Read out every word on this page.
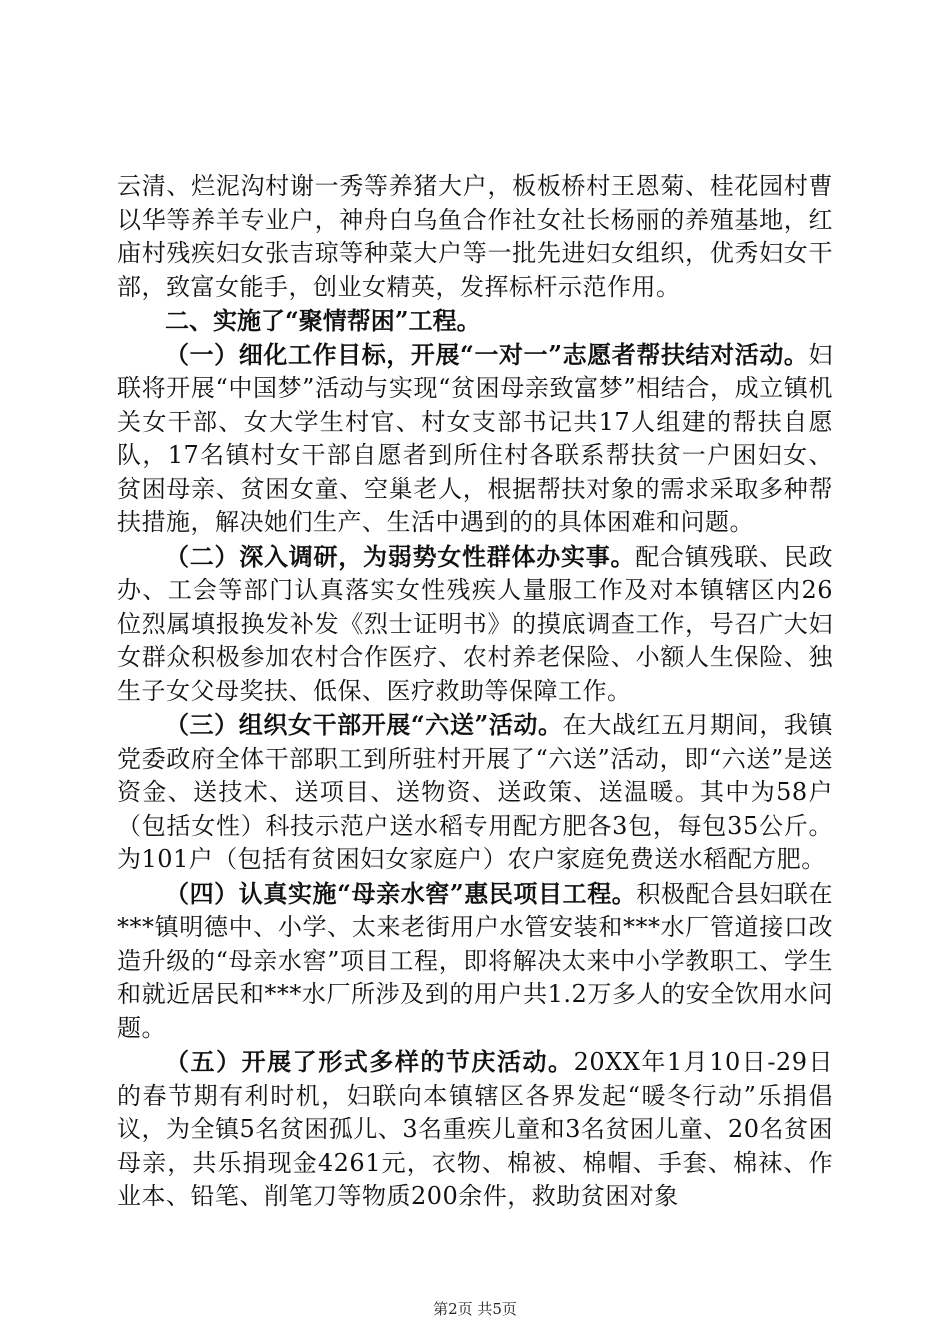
云清、烂泥沟村谢一秀等养猪大户，板板桥村王恩菊、桂花园村曹以华等养羊专业户，神舟白乌鱼合作社女社长杨丽的养殖基地，红庙村残疾妇女张吉琼等种菜大户等一批先进妇女组织，优秀妇女干部，致富女能手，创业女精英，发挥标杆示范作用。

二、实施了“聚情帮困”工程。

（一）细化工作目标，开展“一对一”志愿者帮扶结对活动。妇联将开展“中国梦”活动与实现“贫困母亲致富梦”相结合，成立镇机关女干部、女大学生村官、村女支部书记共17人组建的帮扶自愿队，17名镇村女干部自愿者到所住村各联系帮扶贫一户困妇女、贫困母亲、贫困女童、空巢老人，根据帮扶对象的需求采取多种帮扶措施，解决她们生产、生活中遇到的的具体困难和问题。

（二）深入调研，为弱势女性群体办实事。配合镇残联、民政办、工会等部门认真落实女性残疾人量服工作及对本镇辖区内26位烈属填报换发补发《烈士证明书》的摸底调查工作，号召广大妇女群众积极参加农村合作医疗、农村养老保险、小额人生保险、独生子女父母奖扶、低保、医疗救助等保障工作。

（三）组织女干部开展“六送”活动。在大战红五月期间，我镇党委政府全体干部职工到所驻村开展了“六送”活动，即“六送”是送资金、送技术、送项目、送物资、送政策、送温暖。其中为58户（包括女性）科技示范户送水稻专用配方肥各3包，每包35公斤。为101户（包括有贫困妇女家庭户）农户家庭免费送水稻配方肥。

（四）认真实施“母亲水窖”惠民项目工程。积极配合县妇联在***镇明德中、小学、太来老街用户水管安装和***水厂管道接口改造升级的“母亲水窖”项目工程，即将解决太来中小学教职工、学生和就近居民和***水厂所涉及到的用户共1.2万多人的安全饮用水问题。

（五）开展了形式多样的节庆活动。20XX年1月10日-29日的春节期有利时机，妇联向本镇辖区各界发起“暖冬行动”乐捐倡议，为全镇5名贫困孤儿、3名重疾儿童和3名贫困儿童、20名贫困母亲，共乐捐现金4261元，衣物、棉被、棉帽、手套、棉袜、作业本、铅笔、削笔刀等物质200余件，救助贫困对象

第2页 共5页
